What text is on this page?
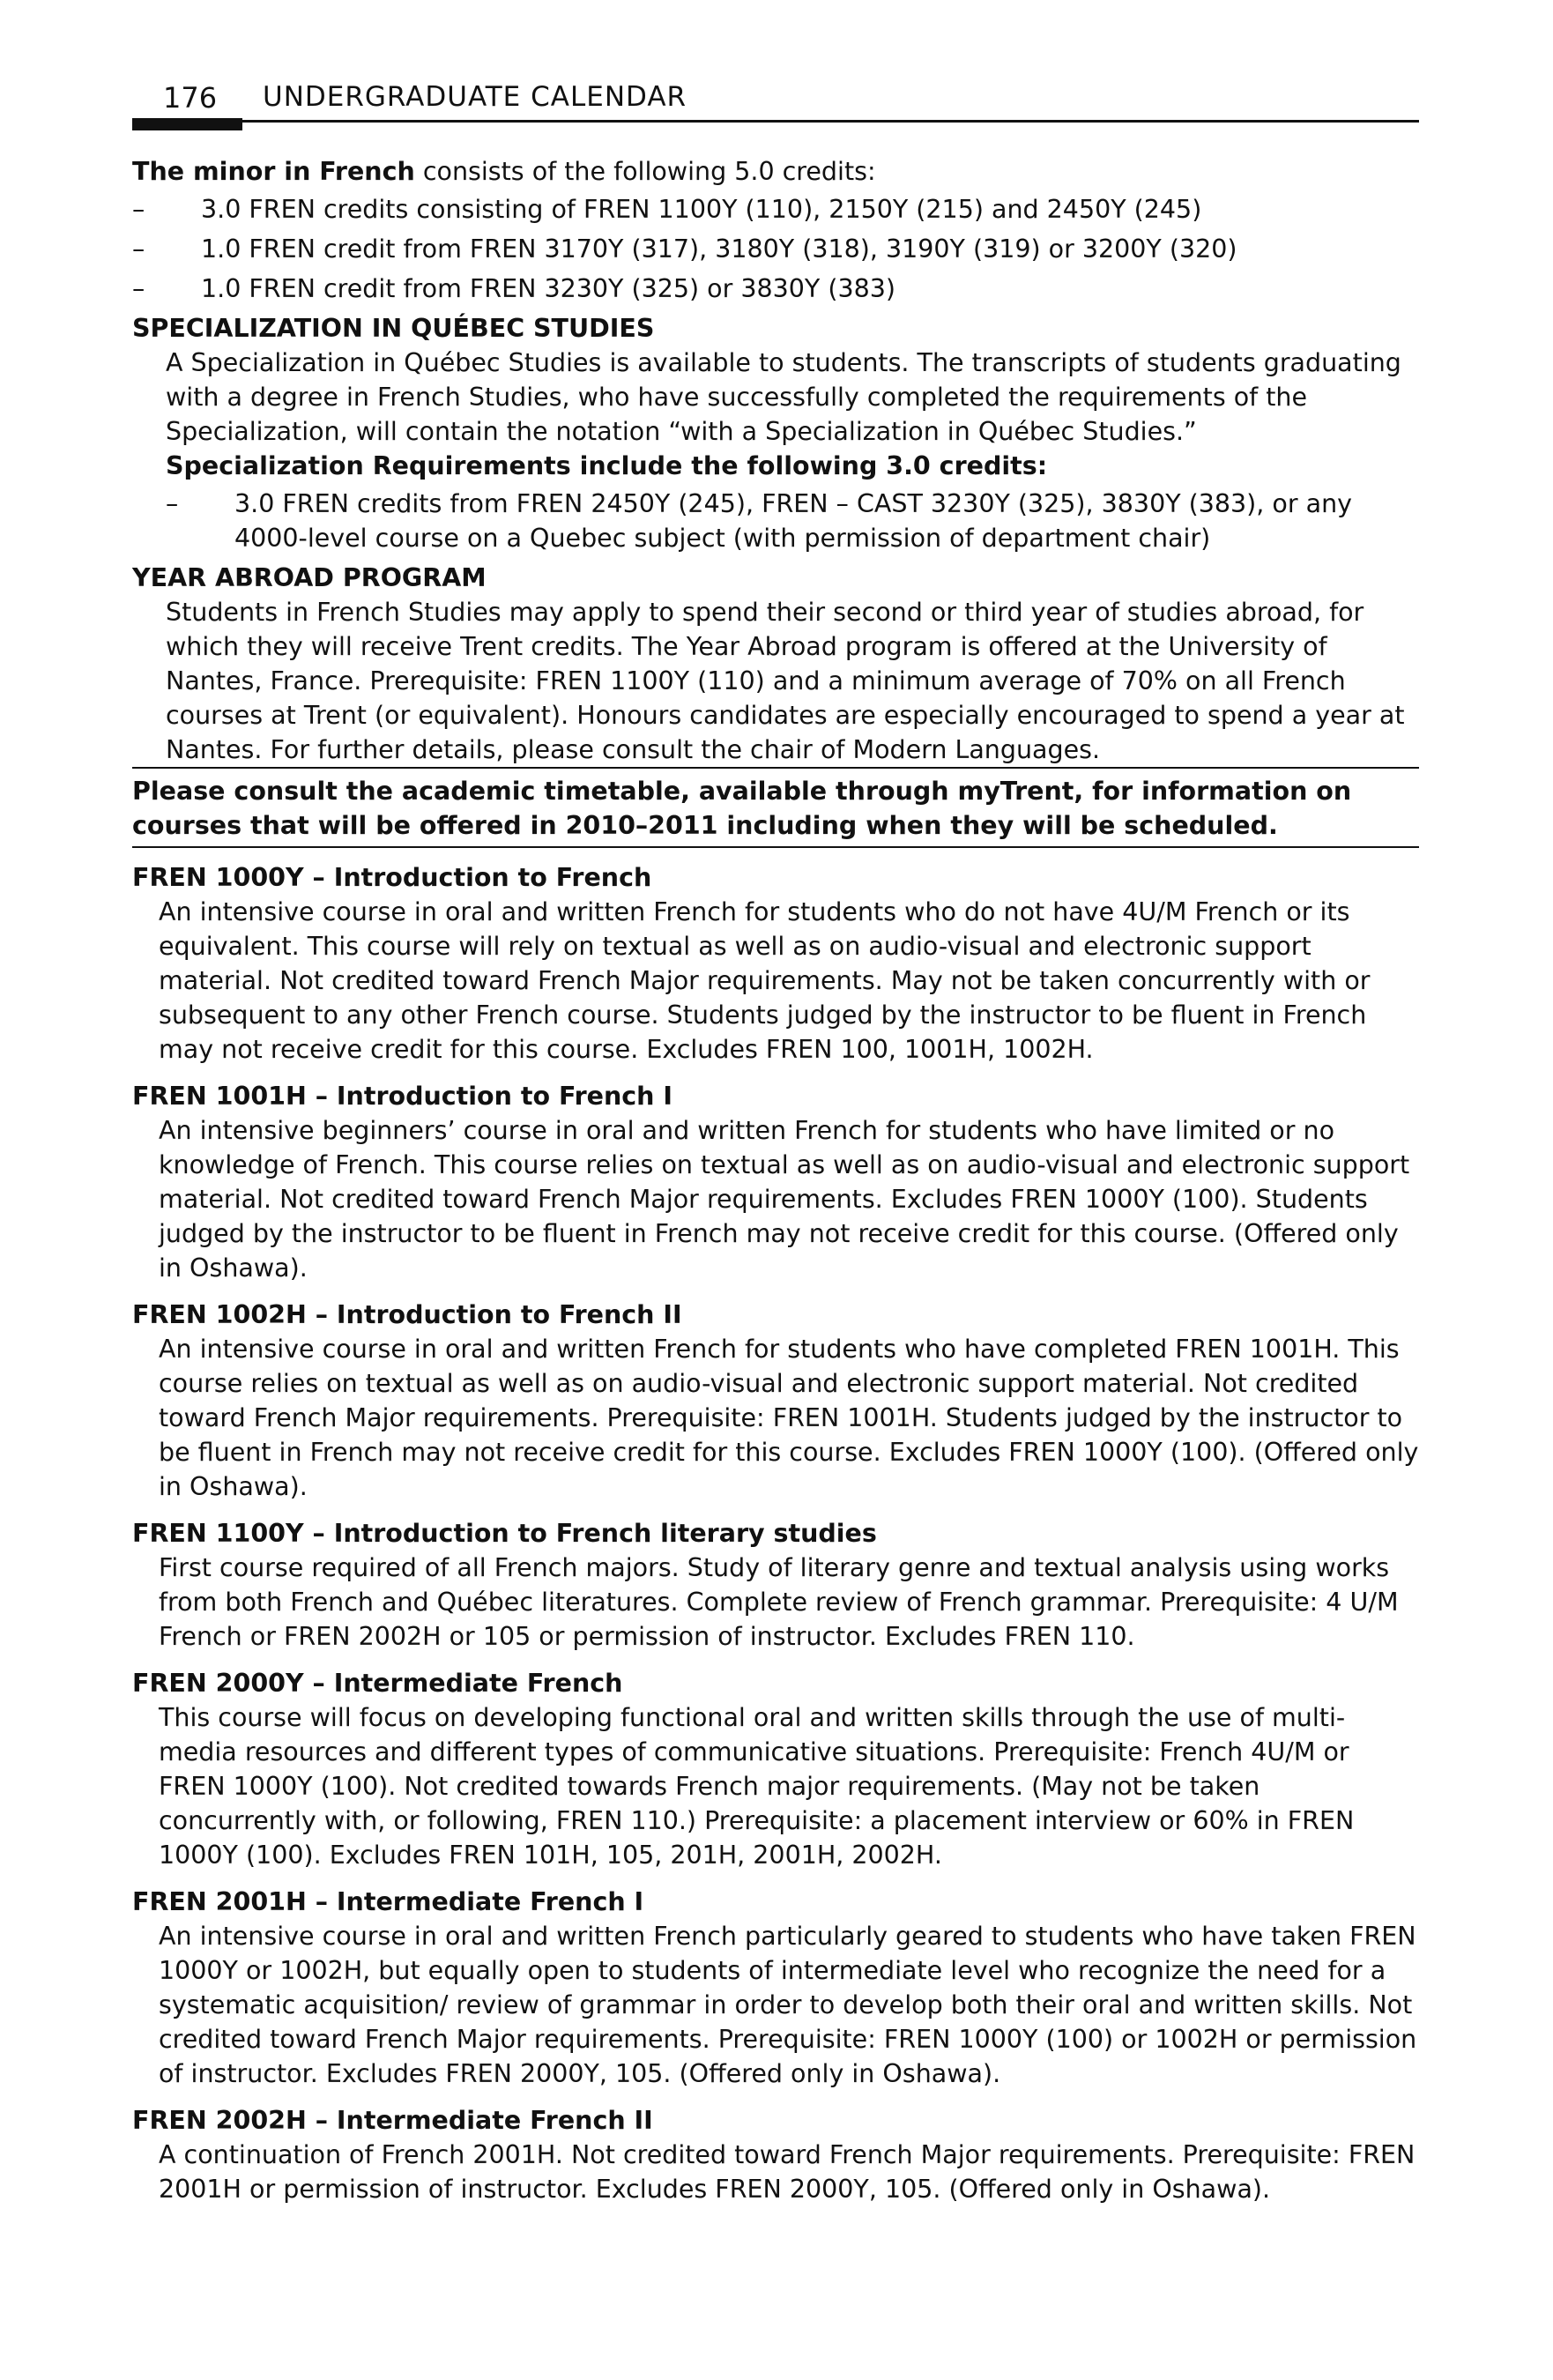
176 UNDERGRADUATE CALENDAR

The minor in French consists of the following 5.0 credits:

– 3.0 FREN credits consisting of FREN 1100Y (110), 2150Y (215) and 2450Y (245)
– 1.0 FREN credit from FREN 3170Y (317), 3180Y (318), 3190Y (319) or 3200Y (320)
– 1.0 FREN credit from FREN 3230Y (325) or 3830Y (383)

SPECIALIZATION IN QUÉBEC STUDIES

A Specialization in Québec Studies is available to students. The transcripts of students graduating with a degree in French Studies, who have successfully completed the requirements of the Specialization, will contain the notation “with a Specialization in Québec Studies.”

Specialization Requirements include the following 3.0 credits:

– 3.0 FREN credits from FREN 2450Y (245), FREN – CAST 3230Y (325), 3830Y (383), or any 4000-level course on a Quebec subject (with permission of department chair)

YEAR ABROAD PROGRAM

Students in French Studies may apply to spend their second or third year of studies abroad, for which they will receive Trent credits. The Year Abroad program is offered at the University of Nantes, France. Prerequisite: FREN 1100Y (110) and a minimum average of 70% on all French courses at Trent (or equivalent). Honours candidates are especially encouraged to spend a year at Nantes. For further details, please consult the chair of Modern Languages.

Please consult the academic timetable, available through myTrent, for information on courses that will be offered in 2010–2011 including when they will be scheduled.

FREN 1000Y – Introduction to French

An intensive course in oral and written French for students who do not have 4U/M French or its equivalent. This course will rely on textual as well as on audio-visual and electronic support material. Not credited toward French Major requirements. May not be taken concurrently with or subsequent to any other French course. Students judged by the instructor to be fluent in French may not receive credit for this course. Excludes FREN 100, 1001H, 1002H.

FREN 1001H – Introduction to French I

An intensive beginners’ course in oral and written French for students who have limited or no knowledge of French. This course relies on textual as well as on audio-visual and electronic support material. Not credited toward French Major requirements. Excludes FREN 1000Y (100). Students judged by the instructor to be fluent in French may not receive credit for this course. (Offered only in Oshawa).

FREN 1002H – Introduction to French II

An intensive course in oral and written French for students who have completed FREN 1001H. This course relies on textual as well as on audio-visual and electronic support material. Not credited toward French Major requirements. Prerequisite: FREN 1001H. Students judged by the instructor to be fluent in French may not receive credit for this course. Excludes FREN 1000Y (100). (Offered only in Oshawa).

FREN 1100Y – Introduction to French literary studies

First course required of all French majors. Study of literary genre and textual analysis using works from both French and Québec literatures. Complete review of French grammar. Prerequisite: 4 U/M French or FREN 2002H or 105 or permission of instructor. Excludes FREN 110.

FREN 2000Y – Intermediate French

This course will focus on developing functional oral and written skills through the use of multi-media resources and different types of communicative situations. Prerequisite: French 4U/M or FREN 1000Y (100). Not credited towards French major requirements. (May not be taken concurrently with, or following, FREN 110.) Prerequisite: a placement interview or 60% in FREN 1000Y (100). Excludes FREN 101H, 105, 201H, 2001H, 2002H.

FREN 2001H – Intermediate French I

An intensive course in oral and written French particularly geared to students who have taken FREN 1000Y or 1002H, but equally open to students of intermediate level who recognize the need for a systematic acquisition/ review of grammar in order to develop both their oral and written skills. Not credited toward French Major requirements. Prerequisite: FREN 1000Y (100) or 1002H or permission of instructor. Excludes FREN 2000Y, 105. (Offered only in Oshawa).

FREN 2002H – Intermediate French II

A continuation of French 2001H. Not credited toward French Major requirements. Prerequisite: FREN 2001H or permission of instructor. Excludes FREN 2000Y, 105. (Offered only in Oshawa).
